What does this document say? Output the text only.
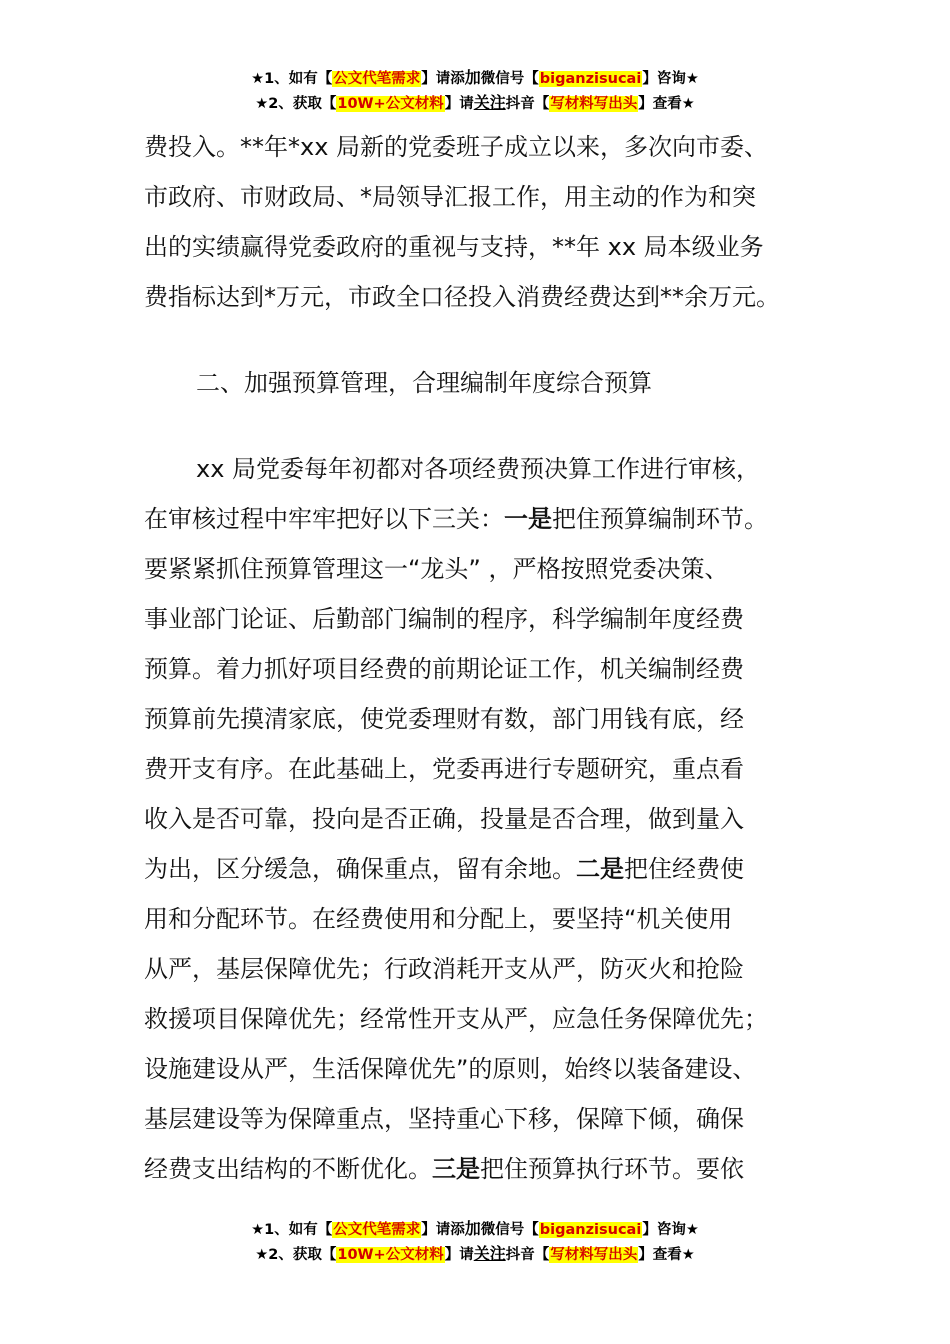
★1、如有【公文代笔需求】请添加微信号【biganzisucai】咨询★
★2、获取【10W+公文材料】请关注抖音【写材料写出头】查看★

费投入。**年*xx 局新的党委班子成立以来，多次向市委、

市政府、市财政局、*局领导汇报工作，用主动的作为和突

出的实绩赢得党委政府的重视与支持，**年 xx 局本级业务

费指标达到*万元，市政全口径投入消费经费达到**余万元。

二、加强预算管理，合理编制年度综合预算

xx 局党委每年初都对各项经费预决算工作进行审核，

在审核过程中牢牢把好以下三关：一是把住预算编制环节。

要紧紧抓住预算管理这一“龙头” ，严格按照党委决策、

事业部门论证、后勤部门编制的程序，科学编制年度经费

预算。着力抓好项目经费的前期论证工作，机关编制经费

预算前先摸清家底，使党委理财有数，部门用钱有底，经

费开支有序。在此基础上，党委再进行专题研究，重点看

收入是否可靠，投向是否正确，投量是否合理，做到量入

为出，区分缓急，确保重点，留有余地。二是把住经费使

用和分配环节。在经费使用和分配上，要坚持“机关使用

从严，基层保障优先；行政消耗开支从严，防灭火和抢险

救援项目保障优先；经常性开支从严，应急任务保障优先；

设施建设从严，生活保障优先”的原则，始终以装备建设、

基层建设等为保障重点，坚持重心下移，保障下倾，确保

经费支出结构的不断优化。三是把住预算执行环节。要依

★1、如有【公文代笔需求】请添加微信号【biganzisucai】咨询★
★2、获取【10W+公文材料】请关注抖音【写材料写出头】查看★
